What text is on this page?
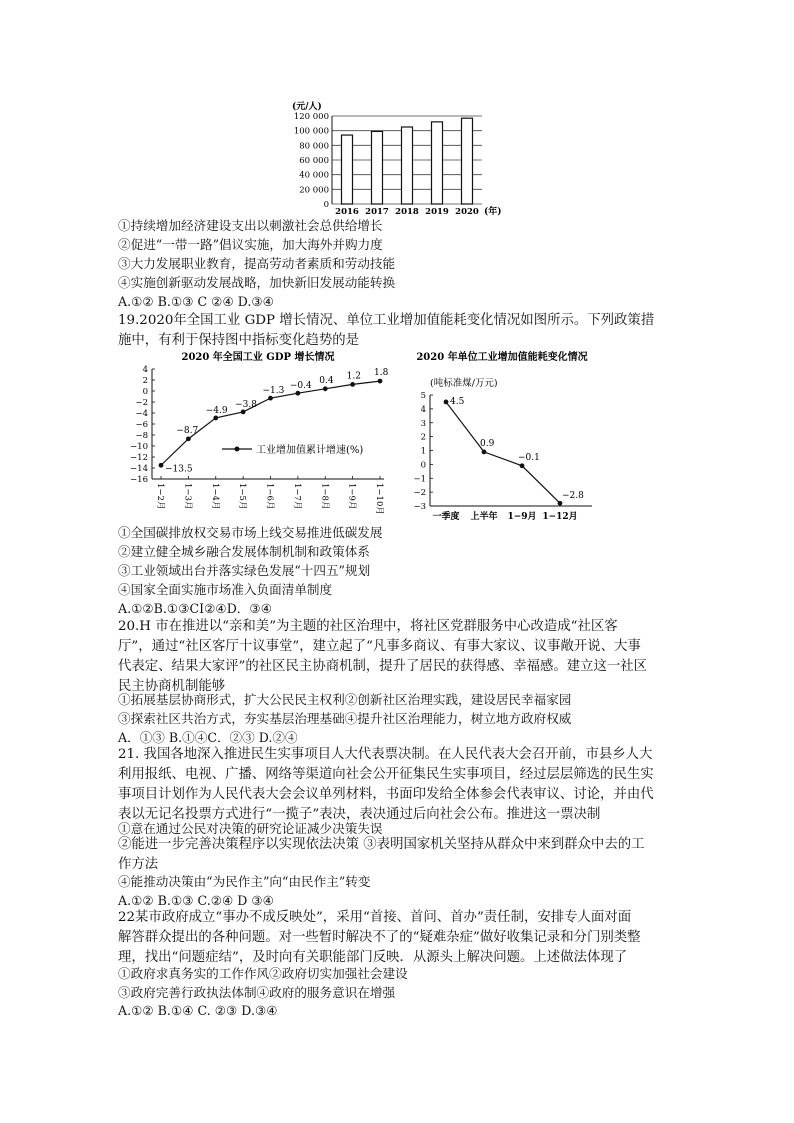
(元/人)
0
20 000
40 000
60 000
80 000
100 000
120 000
2016 2017 2018 2019 2020 (年)
①持续增加经济建设支出以刺激社会总供给增长
②促进“一带一路”倡议实施，加大海外并购力度
③大力发展职业教育，提高劳动者素质和劳动技能
④实施创新驱动发展战略，加快新旧发展动能转换
A.①② B.①③ C ②④ D.③④
19.2020年全国工业 GDP 增长情况、单位工业增加值能耗变化情况如图所示。下列政策措
施中，有利于保持图中指标变化趋势的是
2020 年全国工业 GDP 增长情况
−16
−14
−12
−10
−8
−6
−4
−2
0
2
4
1−2月 1−3月 1−4月 1−5月 1−6月 1−7月 1−8月 1−9月 1−10月
−13.5
−8.7
−4.9
−3.8
−1.3 −0.4
0.4 1.2 1.8
工业增加值累计增速(%)
2020 年单位工业增加值能耗变化情况
(吨标准煤/万元)
−3
−2
−1
0
1
2
3
4
5
一季度 上半年 1−9月 1−12月
4.5
0.9
−0.1
−2.8
①全国碳排放权交易市场上线交易推进低碳发展
②建立健全城乡融合发展体制机制和政策体系
③工业领域出台并落实绿色发展“十四五”规划
④国家全面实施市场准入负面清单制度
A.①②B.①③CI②④D．③④
20.H 市在推进以“亲和美”为主题的社区治理中，将社区党群服务中心改造成“社区客
厅”，通过“社区客厅十议事堂”，建立起了“凡事多商议、有事大家议、议事敞开说、大事
代表定、结果大家评”的社区民主协商机制，提升了居民的获得感、幸福感。建立这一社区
民主协商机制能够
①拓展基层协商形式，扩大公民民主权利②创新社区治理实践，建设居民幸福家园
③探索社区共治方式，夯实基层治理基础④提升社区治理能力，树立地方政府权威
A．①③ B.①④C．②③ D.②④
21. 我国各地深入推进民生实事项目人大代表票决制。在人民代表大会召开前，市县乡人大
利用报纸、电视、广播、网络等渠道向社会公开征集民生实事项目，经过层层筛选的民生实
事项目计划作为人民代表大会会议单列材料，书面印发给全体参会代表审议、讨论，并由代
表以无记名投票方式进行“一揽子”表决，表决通过后向社会公布。推进这一票决制
①意在通过公民对决策的研究论证减少决策失误
②能进一步完善决策程序以实现依法决策 ③表明国家机关坚持从群众中来到群众中去的工
作方法
④能推动决策由“为民作主”向“由民作主”转变
A.①② B.①③ C.②④ D ③④
22某市政府成立“事办不成反映处”，采用“首接、首问、首办”责任制，安排专人面对面
解答群众提出的各种问题。对一些暂时解决不了的“疑难杂症”做好收集记录和分门别类整
理，找出“问题症结”，及时向有关职能部门反映．从源头上解决问题。上述做法体现了
①政府求真务实的工作作风②政府切实加强社会建设
③政府完善行政执法体制④政府的服务意识在增强
A.①② B.①④ C. ②③ D.③④
